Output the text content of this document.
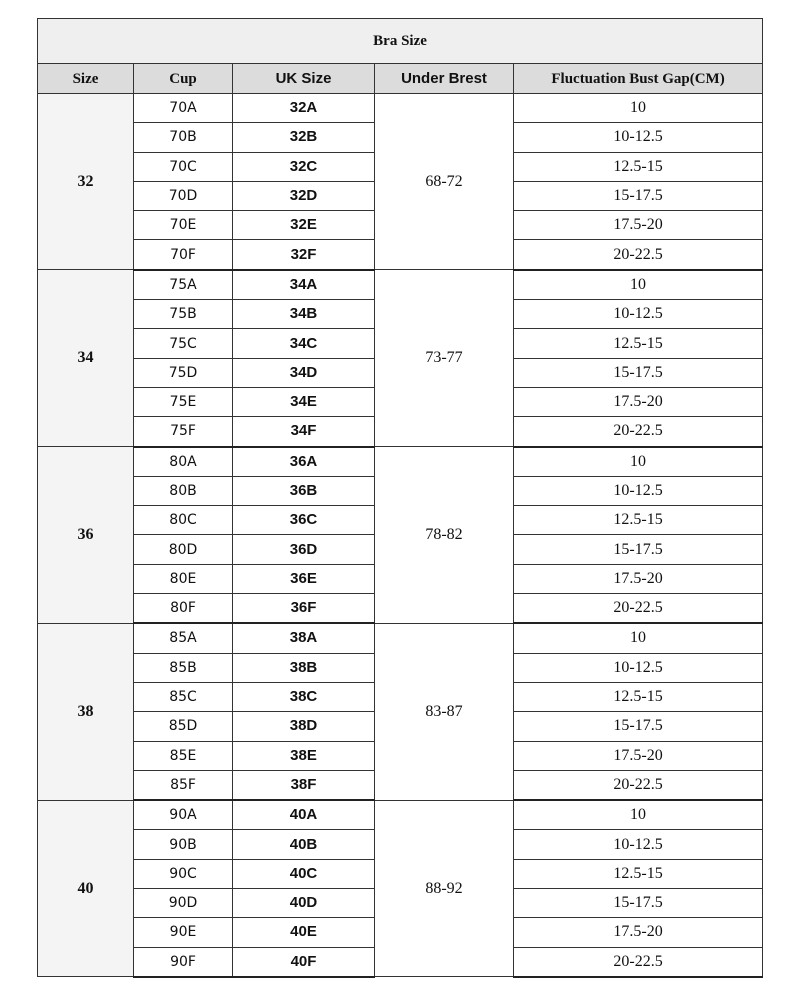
Bra Size				
Size	Cup	UK Size	Under Brest	Fluctuation Bust Gap(CM)
32	70A	32A	68-72	10
	70B	32B		10-12.5
	70C	32C		12.5-15
	70D	32D		15-17.5
	70E	32E		17.5-20
	70F	32F		20-22.5
34	75A	34A	73-77	10
	75B	34B		10-12.5
	75C	34C		12.5-15
	75D	34D		15-17.5
	75E	34E		17.5-20
	75F	34F		20-22.5
36	80A	36A	78-82	10
	80B	36B		10-12.5
	80C	36C		12.5-15
	80D	36D		15-17.5
	80E	36E		17.5-20
	80F	36F		20-22.5
38	85A	38A	83-87	10
	85B	38B		10-12.5
	85C	38C		12.5-15
	85D	38D		15-17.5
	85E	38E		17.5-20
	85F	38F		20-22.5
40	90A	40A	88-92	10
	90B	40B		10-12.5
	90C	40C		12.5-15
	90D	40D		15-17.5
	90E	40E		17.5-20
	90F	40F		20-22.5
